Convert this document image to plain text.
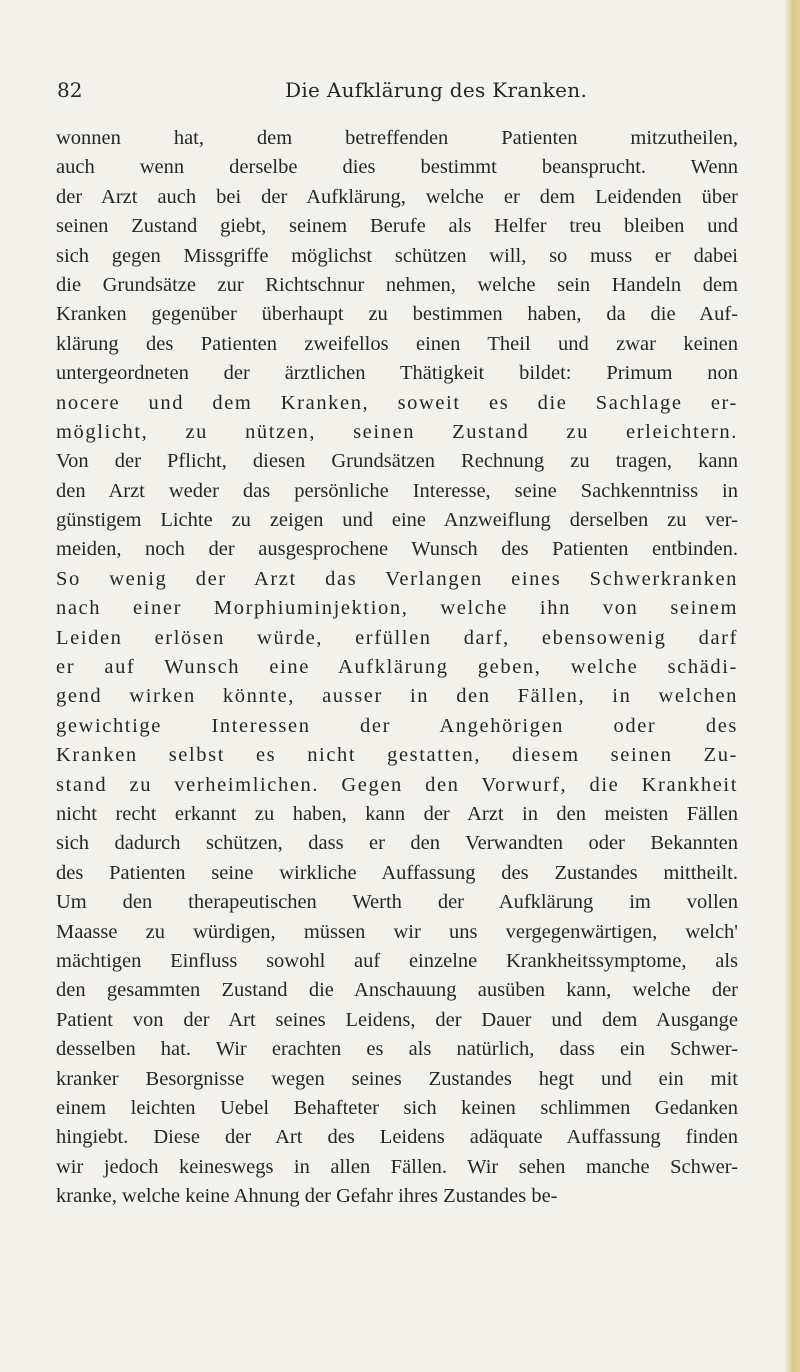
82	Die Aufklärung des Kranken.
wonnen hat, dem betreffenden Patienten mitzutheilen,
auch wenn derselbe dies bestimmt beansprucht. Wenn
der Arzt auch bei der Aufklärung, welche er dem Leidenden über
seinen Zustand giebt, seinem Berufe als Helfer treu bleiben und
sich gegen Missgriffe möglichst schützen will, so muss er dabei
die Grundsätze zur Richtschnur nehmen, welche sein Handeln dem
Kranken gegenüber überhaupt zu bestimmen haben, da die Auf-
klärung des Patienten zweifellos einen Theil und zwar keinen
untergeordneten der ärztlichen Thätigkeit bildet: Primum non
nocere und dem Kranken, soweit es die Sachlage er-
möglicht, zu nützen, seinen Zustand zu erleichtern.
Von der Pflicht, diesen Grundsätzen Rechnung zu tragen, kann
den Arzt weder das persönliche Interesse, seine Sachkenntniss in
günstigem Lichte zu zeigen und eine Anzweiflung derselben zu ver-
meiden, noch der ausgesprochene Wunsch des Patienten entbinden.
So wenig der Arzt das Verlangen eines Schwerkranken
nach einer Morphiuminjektion, welche ihn von seinem
Leiden erlösen würde, erfüllen darf, ebensowenig darf
er auf Wunsch eine Aufklärung geben, welche schädi-
gend wirken könnte, ausser in den Fällen, in welchen
gewichtige Interessen der Angehörigen oder des
Kranken selbst es nicht gestatten, diesem seinen Zu-
stand zu verheimlichen. Gegen den Vorwurf, die Krankheit
nicht recht erkannt zu haben, kann der Arzt in den meisten Fällen
sich dadurch schützen, dass er den Verwandten oder Bekannten
des Patienten seine wirkliche Auffassung des Zustandes mittheilt.
Um den therapeutischen Werth der Aufklärung im vollen
Maasse zu würdigen, müssen wir uns vergegenwärtigen, welch'
mächtigen Einfluss sowohl auf einzelne Krankheitssymptome, als
den gesammten Zustand die Anschauung ausüben kann, welche der
Patient von der Art seines Leidens, der Dauer und dem Ausgange
desselben hat. Wir erachten es als natürlich, dass ein Schwer-
kranker Besorgnisse wegen seines Zustandes hegt und ein mit
einem leichten Uebel Behafteter sich keinen schlimmen Gedanken
hingiebt. Diese der Art des Leidens adäquate Auffassung finden
wir jedoch keineswegs in allen Fällen. Wir sehen manche Schwer-
kranke, welche keine Ahnung der Gefahr ihres Zustandes be-
